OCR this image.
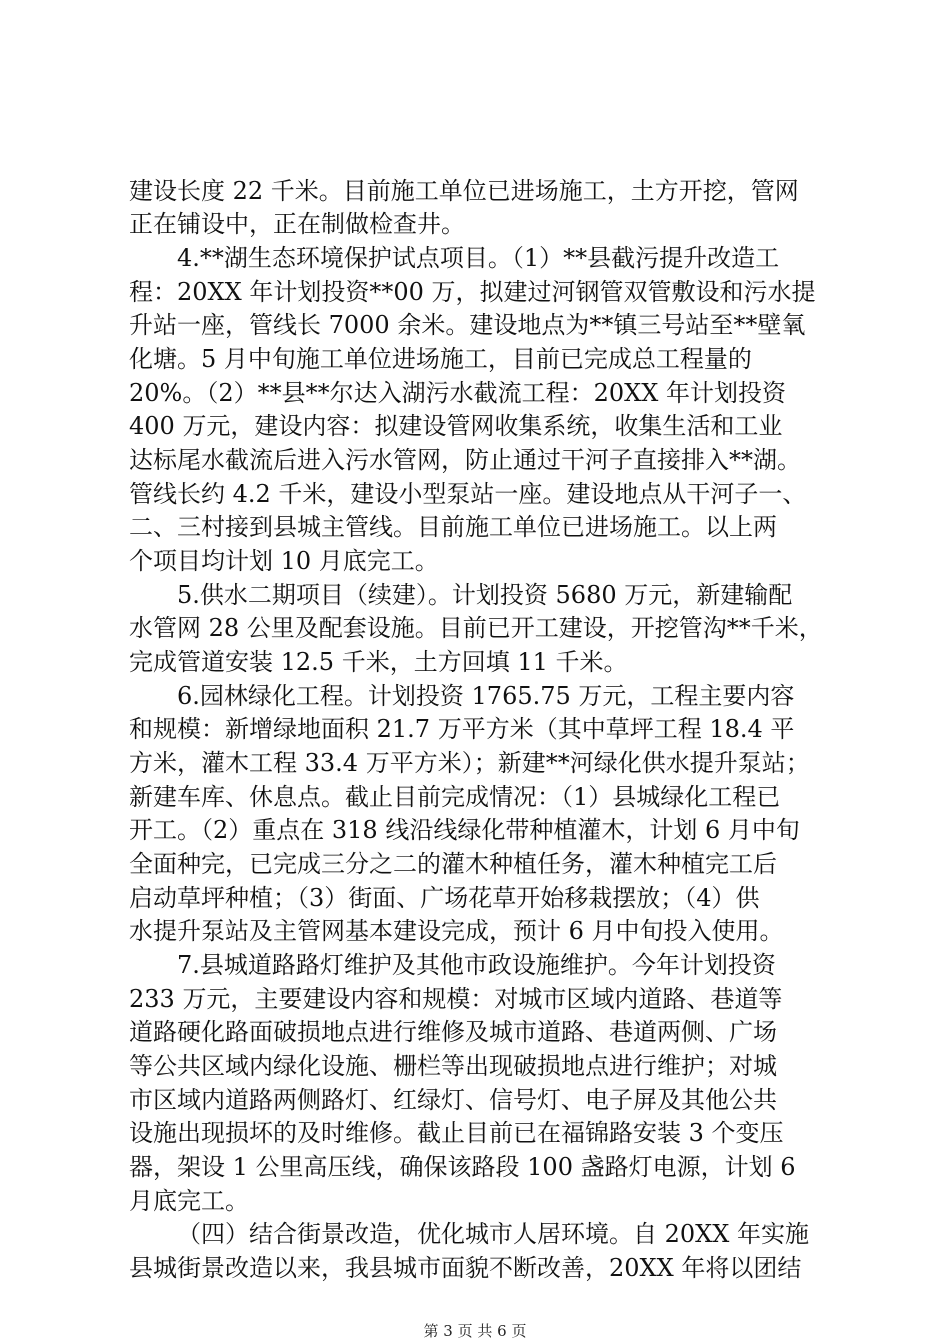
建设长度 22 千米。目前施工单位已进场施工，土方开挖，管网
正在铺设中，正在制做检查井。
4.**湖生态环境保护试点项目。（1）**县截污提升改造工
程：20XX 年计划投资**00 万，拟建过河钢管双管敷设和污水提
升站一座，管线长 7000 余米。建设地点为**镇三号站至**壁氧
化塘。5 月中旬施工单位进场施工，目前已完成总工程量的
20%。（2）**县**尔达入湖污水截流工程：20XX 年计划投资
400 万元，建设内容：拟建设管网收集系统，收集生活和工业
达标尾水截流后进入污水管网，防止通过干河子直接排入**湖。
管线长约 4.2 千米，建设小型泵站一座。建设地点从干河子一、
二、三村接到县城主管线。目前施工单位已进场施工。以上两
个项目均计划 10 月底完工。
5.供水二期项目（续建）。计划投资 5680 万元，新建输配
水管网 28 公里及配套设施。目前已开工建设，开挖管沟**千米，
完成管道安装 12.5 千米，土方回填 11 千米。
6.园林绿化工程。计划投资 1765.75 万元，工程主要内容
和规模：新增绿地面积 21.7 万平方米（其中草坪工程 18.4 平
方米，灌木工程 33.4 万平方米）；新建**河绿化供水提升泵站；
新建车库、休息点。截止目前完成情况：（1）县城绿化工程已
开工。（2）重点在 318 线沿线绿化带种植灌木，计划 6 月中旬
全面种完，已完成三分之二的灌木种植任务，灌木种植完工后
启动草坪种植；（3）街面、广场花草开始移栽摆放；（4）供
水提升泵站及主管网基本建设完成，预计 6 月中旬投入使用。
7.县城道路路灯维护及其他市政设施维护。今年计划投资
233 万元，主要建设内容和规模：对城市区域内道路、巷道等
道路硬化路面破损地点进行维修及城市道路、巷道两侧、广场
等公共区域内绿化设施、栅栏等出现破损地点进行维护；对城
市区域内道路两侧路灯、红绿灯、信号灯、电子屏及其他公共
设施出现损坏的及时维修。截止目前已在福锦路安装 3 个变压
器，架设 1 公里高压线，确保该路段 100 盏路灯电源，计划 6
月底完工。
（四）结合街景改造，优化城市人居环境。自 20XX 年实施
县城街景改造以来，我县城市面貌不断改善，20XX 年将以团结
第 3 页 共 6 页
